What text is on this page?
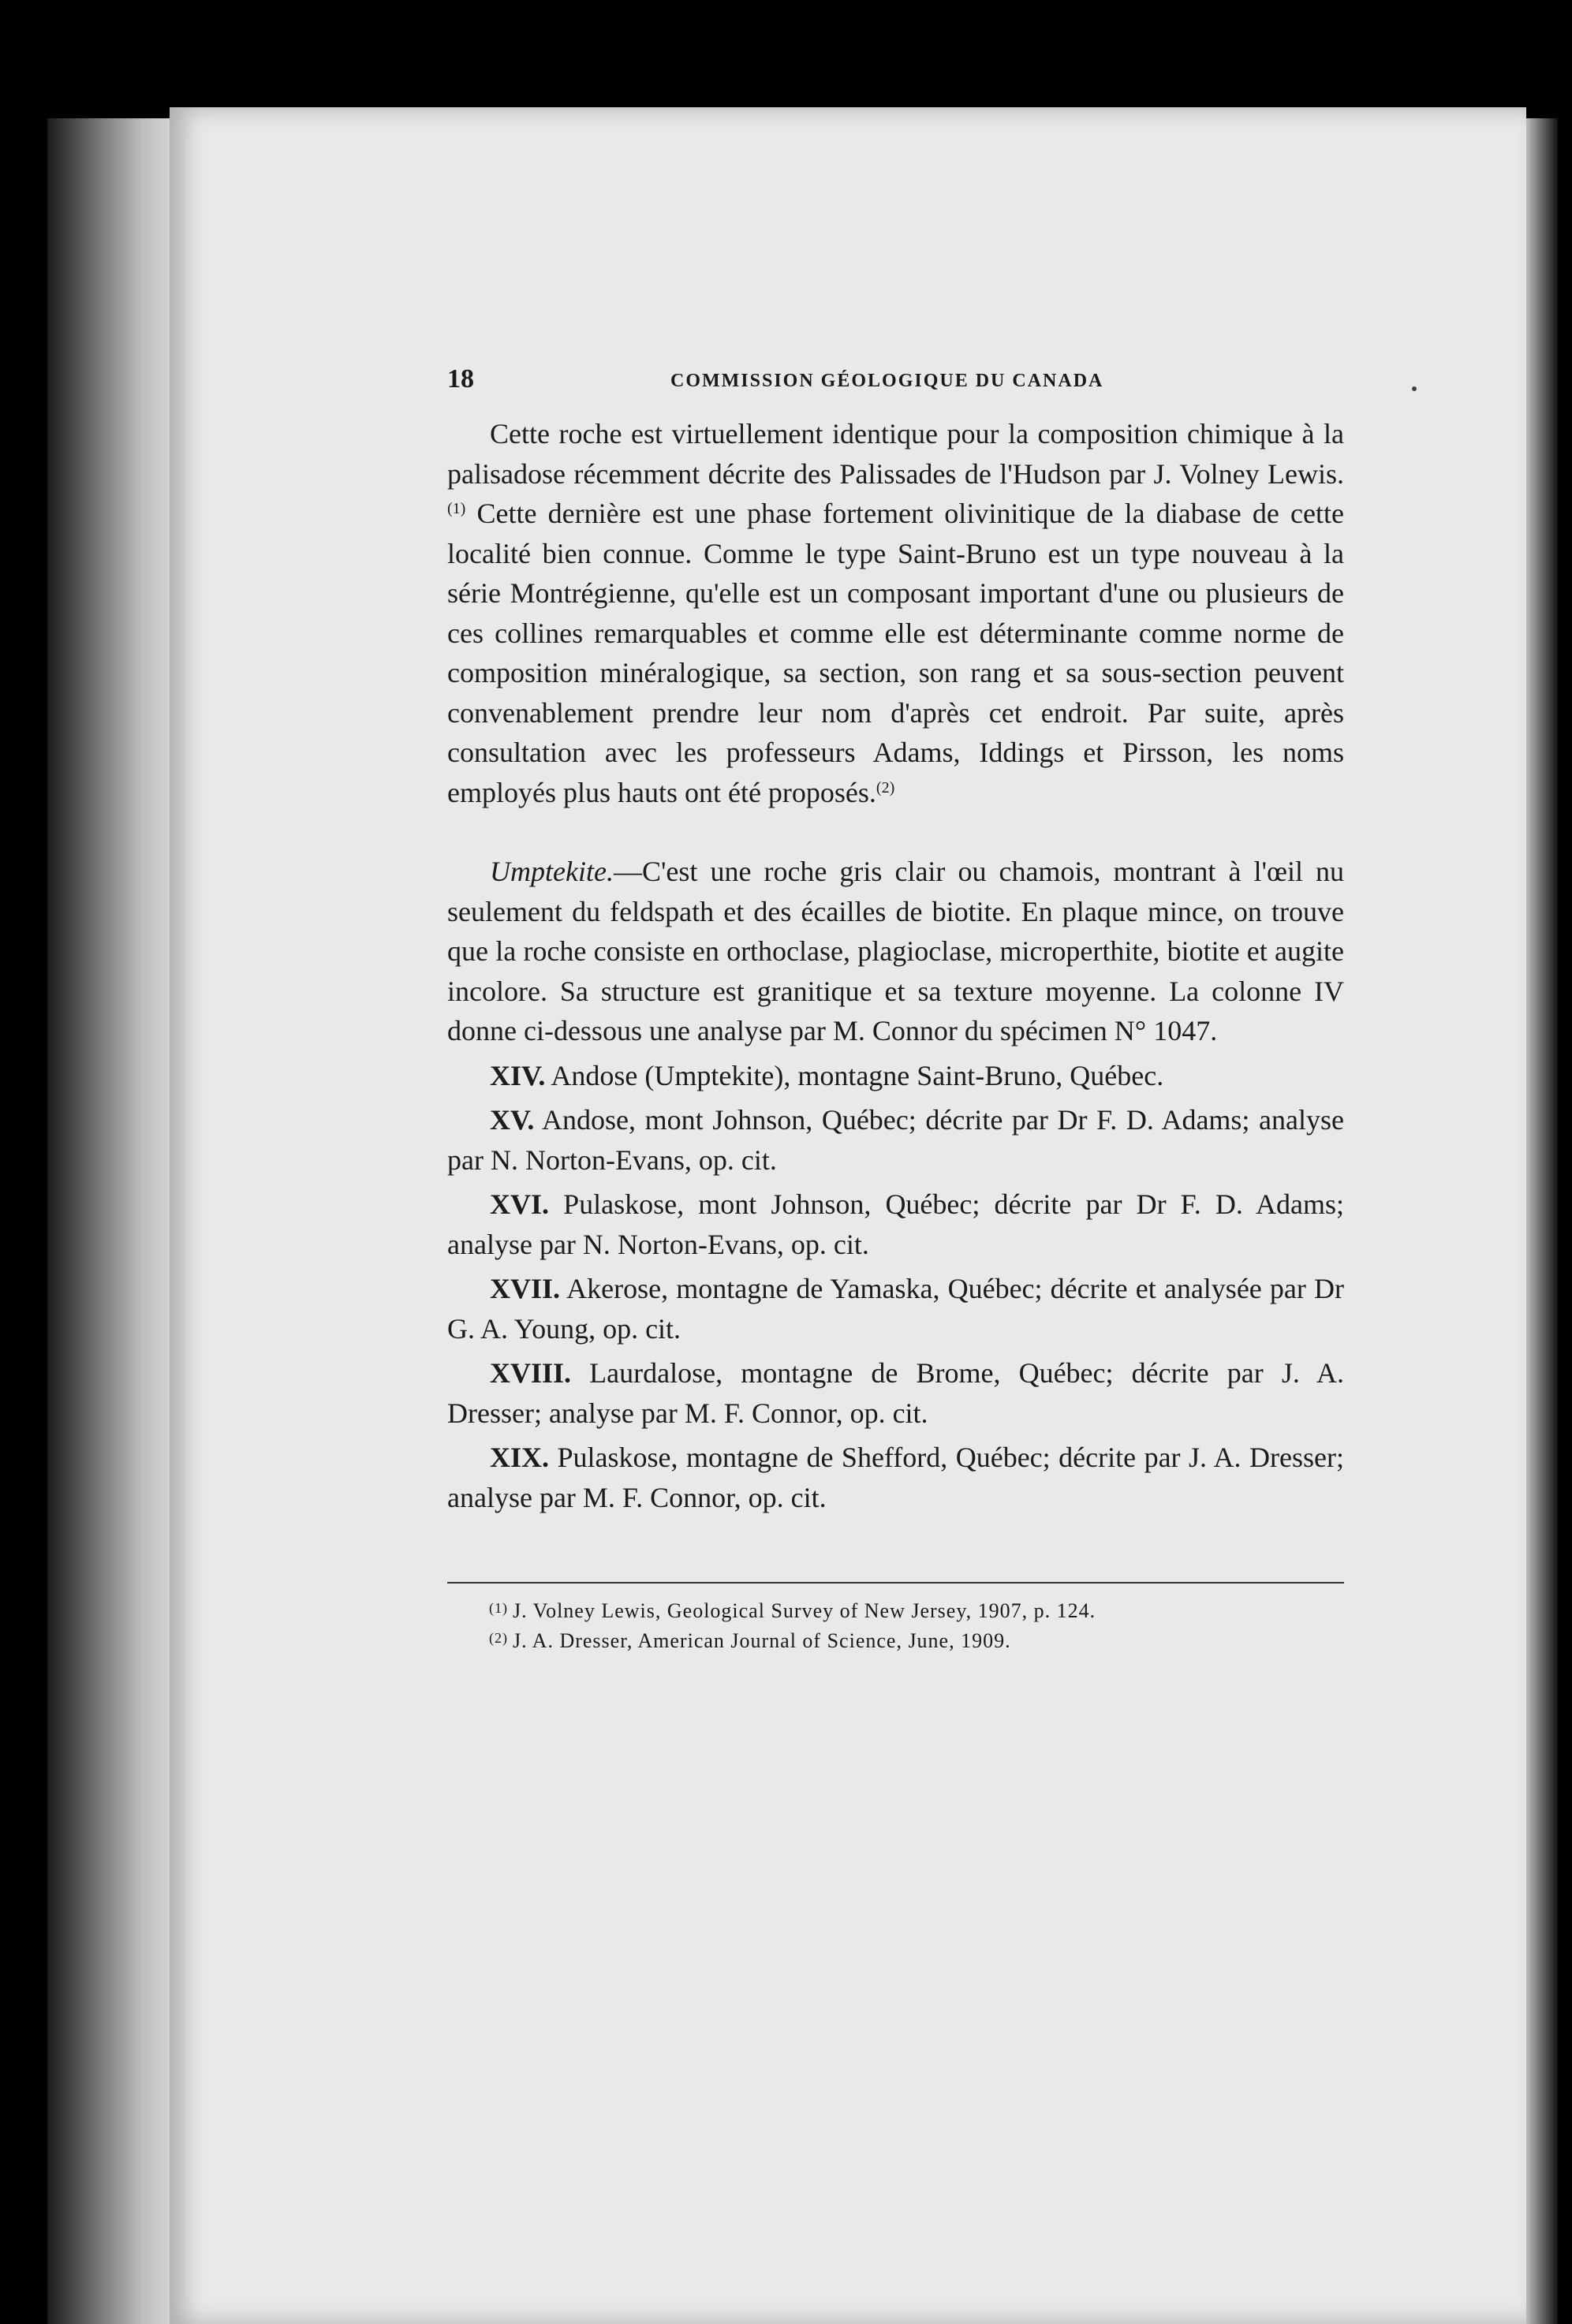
18	COMMISSION GÉOLOGIQUE DU CANADA

Cette roche est virtuellement identique pour la composition chimique à la palisadose récemment décrite des Palissades de l'Hudson par J. Volney Lewis.$^{(1)}$ Cette dernière est une phase fortement olivinitique de la diabase de cette localité bien connue. Comme le type Saint-Bruno est un type nouveau à la série Montrégienne, qu'elle est un composant important d'une ou plusieurs de ces collines remarquables et comme elle est déterminante comme norme de composition minéralogique, sa section, son rang et sa sous-section peuvent convenablement prendre leur nom d'après cet endroit. Par suite, après consultation avec les professeurs Adams, Iddings et Pirsson, les noms employés plus hauts ont été proposés.$^{(2)}$

Umptekite.—C'est une roche gris clair ou chamois, montrant à l'œil nu seulement du feldspath et des écailles de biotite. En plaque mince, on trouve que la roche consiste en orthoclase, plagioclase, microperthite, biotite et augite incolore. Sa structure est granitique et sa texture moyenne. La colonne IV donne ci-dessous une analyse par M. Connor du spécimen N° 1047.

XIV. Andose (Umptekite), montagne Saint-Bruno, Québec.

XV. Andose, mont Johnson, Québec; décrite par Dr F. D. Adams; analyse par N. Norton-Evans, op. cit.

XVI. Pulaskose, mont Johnson, Québec; décrite par Dr F. D. Adams; analyse par N. Norton-Evans, op. cit.

XVII. Akerose, montagne de Yamaska, Québec; décrite et analysée par Dr G. A. Young, op. cit.

XVIII. Laurdalose, montagne de Brome, Québec; décrite par J. A. Dresser; analyse par M. F. Connor, op. cit.

XIX. Pulaskose, montagne de Shefford, Québec; décrite par J. A. Dresser; analyse par M. F. Connor, op. cit.

$^{(1)}$ J. Volney Lewis, Geological Survey of New Jersey, 1907, p. 124.
$^{(2)}$ J. A. Dresser, American Journal of Science, June, 1909.
